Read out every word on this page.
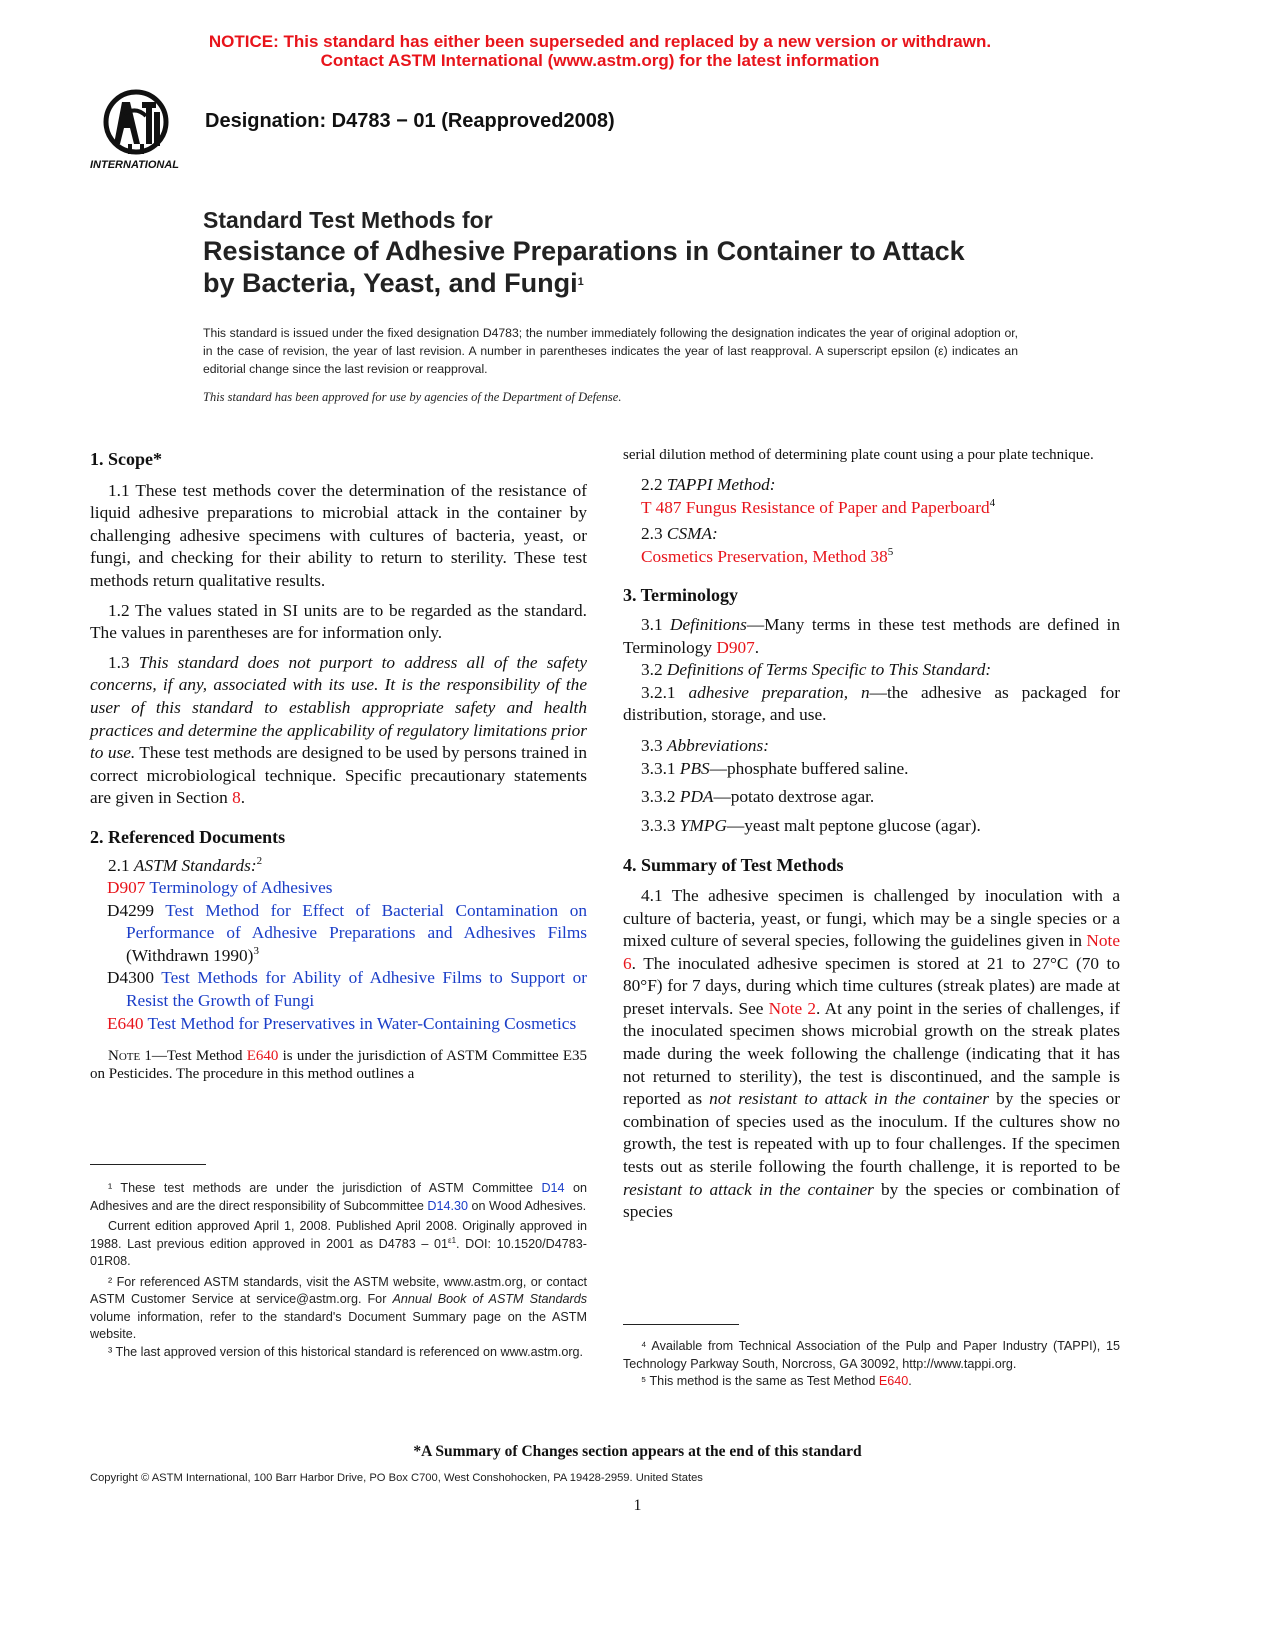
NOTICE: This standard has either been superseded and replaced by a new version or withdrawn.
Contact ASTM International (www.astm.org) for the latest information
INTERNATIONAL
Designation: D4783 − 01 (Reapproved2008)
Standard Test Methods for
Resistance of Adhesive Preparations in Container to Attack
by Bacteria, Yeast, and Fungi$^1$
This standard is issued under the fixed designation D4783; the number immediately following the designation indicates the year of original adoption or, in the case of revision, the year of last revision. A number in parentheses indicates the year of last reapproval. A superscript epsilon (ε) indicates an editorial change since the last revision or reapproval.
This standard has been approved for use by agencies of the Department of Defense.
1. Scope*

1.1 These test methods cover the determination of the resistance of liquid adhesive preparations to microbial attack in the container by challenging adhesive specimens with cultures of bacteria, yeast, or fungi, and checking for their ability to return to sterility. These test methods return qualitative results.

1.2 The values stated in SI units are to be regarded as the standard. The values in parentheses are for information only.

1.3 This standard does not purport to address all of the safety concerns, if any, associated with its use. It is the responsibility of the user of this standard to establish appropriate safety and health practices and determine the applicability of regulatory limitations prior to use. These test methods are designed to be used by persons trained in correct microbiological technique. Specific precautionary statements are given in Section 8.

2. Referenced Documents

2.1 ASTM Standards:$^2$

D907 Terminology of Adhesives

D4299 Test Method for Effect of Bacterial Contamination on Performance of Adhesive Preparations and Adhesives Films (Withdrawn 1990)$^3$

D4300 Test Methods for Ability of Adhesive Films to Support or Resist the Growth of Fungi

E640 Test Method for Preservatives in Water-Containing Cosmetics

Note 1—Test Method E640 is under the jurisdiction of ASTM Committee E35 on Pesticides. The procedure in this method outlines a

¹ These test methods are under the jurisdiction of ASTM Committee D14 on Adhesives and are the direct responsibility of Subcommittee D14.30 on Wood Adhesives.

Current edition approved April 1, 2008. Published April 2008. Originally approved in 1988. Last previous edition approved in 2001 as $D4783 - 01^{\varepsilon 1}$. DOI: 10.1520/D4783-01R08.

² For referenced ASTM standards, visit the ASTM website, www.astm.org, or contact ASTM Customer Service at service@astm.org. For Annual Book of ASTM Standards volume information, refer to the standard's Document Summary page on the ASTM website.

³ The last approved version of this historical standard is referenced on www.astm.org.

serial dilution method of determining plate count using a pour plate technique.

2.2 TAPPI Method:

T 487 Fungus Resistance of Paper and Paperboard$^4$

2.3 CSMA:

Cosmetics Preservation, Method $38^5$

3. Terminology

3.1 Definitions—Many terms in these test methods are defined in Terminology D907.

3.2 Definitions of Terms Specific to This Standard:

3.2.1 adhesive preparation, n—the adhesive as packaged for distribution, storage, and use.

3.3 Abbreviations:

3.3.1 PBS—phosphate buffered saline.

3.3.2 PDA—potato dextrose agar.

3.3.3 YMPG—yeast malt peptone glucose (agar).

4. Summary of Test Methods

4.1 The adhesive specimen is challenged by inoculation with a culture of bacteria, yeast, or fungi, which may be a single species or a mixed culture of several species, following the guidelines given in Note 6. The inoculated adhesive specimen is stored at 21 to 27°C (70 to 80°F) for 7 days, during which time cultures (streak plates) are made at preset intervals. See Note 2. At any point in the series of challenges, if the inoculated specimen shows microbial growth on the streak plates made during the week following the challenge (indicating that it has not returned to sterility), the test is discontinued, and the sample is reported as not resistant to attack in the container by the species or combination of species used as the inoculum. If the cultures show no growth, the test is repeated with up to four challenges. If the specimen tests out as sterile following the fourth challenge, it is reported to be resistant to attack in the container by the species or combination of species

⁴ Available from Technical Association of the Pulp and Paper Industry (TAPPI), 15 Technology Parkway South, Norcross, GA 30092, http://www.tappi.org.

⁵ This method is the same as Test Method E640.

*A Summary of Changes section appears at the end of this standard
Copyright © ASTM International, 100 Barr Harbor Drive, PO Box C700, West Conshohocken, PA 19428-2959. United States
1
